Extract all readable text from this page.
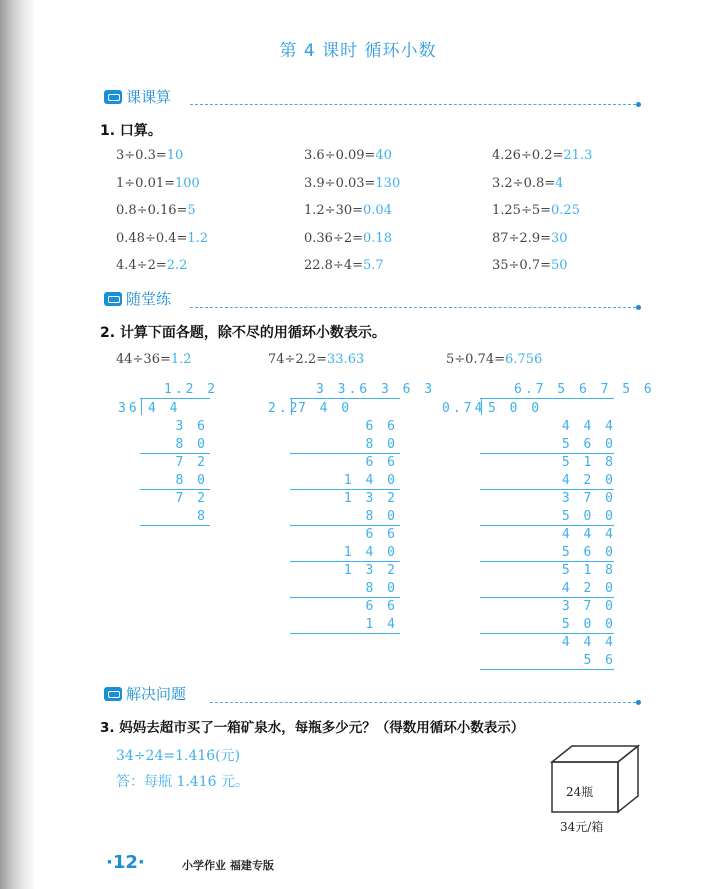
第 4 课时 循环小数
课课算
1. 口算。
3÷0.3=10	3.6÷0.09=40	4.26÷0.2=21.3
1÷0.01=100	3.9÷0.03=130	3.2÷0.8=4
0.8÷0.16=5	1.2÷30=0.04	1.25÷5=0.25
0.48÷0.4=1.2	0.36÷2=0.18	87÷2.9=30
4.4÷2=2.2	22.8÷4=5.7	35÷0.7=50
随堂练
2. 计算下面各题，除不尽的用循环小数表示。
44÷36=1.2̇	74÷2.2=33.6̇3̇	5÷0.74=6.7̇56̇
1.2 2
36 4 4
3 6
8 0
7 2
8 0
7 2
8
3 3.6 3 6 3
2.2
7 4 0
6 6
8 0
6 6
1 4 0
1 3 2
8 0
6 6
1 4 0
1 3 2
8 0
6 6
1 4
6.7 5 6 7 5 6
0.74 5 0 0
4 4 4
5 6 0
5 1 8
4 2 0
3 7 0
5 0 0
4 4 4
5 6 0
5 1 8
4 2 0
3 7 0
5 0 0
4 4 4
5 6
解决问题
3. 妈妈去超市买了一箱矿泉水，每瓶多少元？（得数用循环小数表示）
34÷24=1.416̇(元)
答：每瓶 1.416̇ 元。
24瓶
34元/箱
·12·	小学作业 福建专版
